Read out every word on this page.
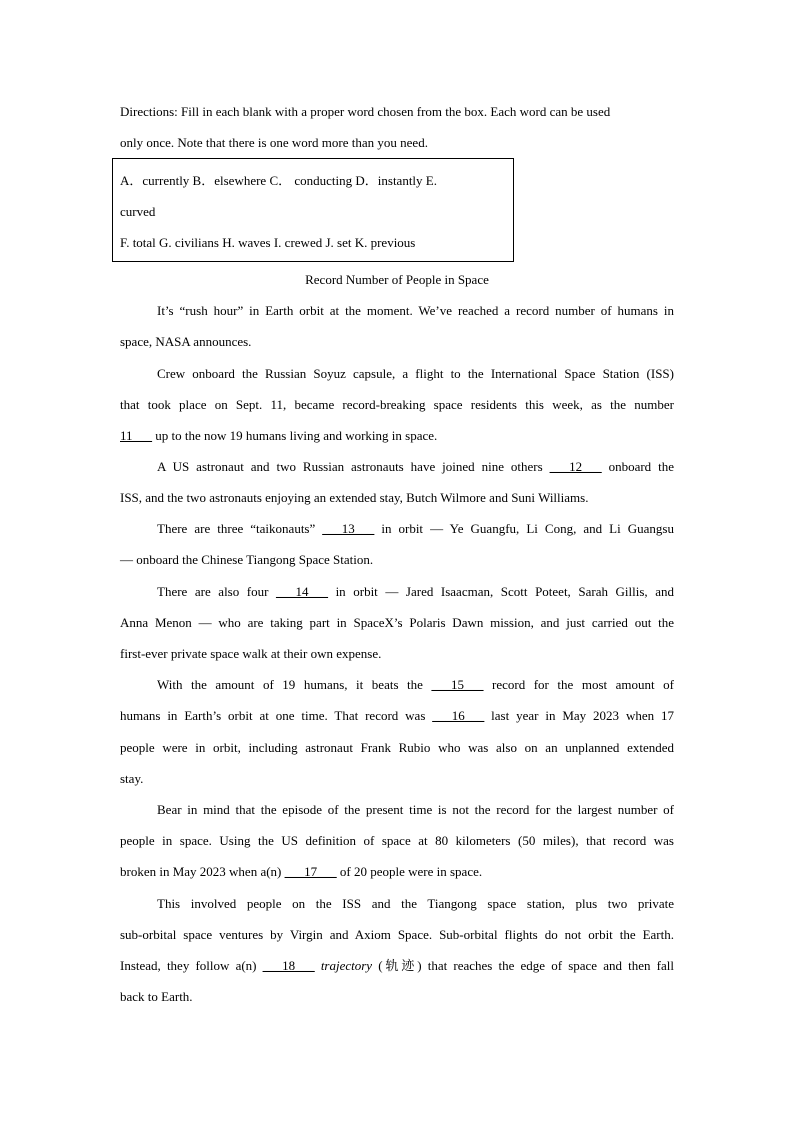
Directions: Fill in each blank with a proper word chosen from the box. Each word can be used
only once. Note that there is one word more than you need.
A．currently B．elsewhere C． conducting D．instantly E.
curved
F. total G. civilians H. waves I. crewed J. set K. previous
Record Number of People in Space
It’s “rush hour” in Earth orbit at the moment. We’ve reached a record number of humans in
space, NASA announces.
Crew onboard the Russian Soyuz capsule, a flight to the International Space Station (ISS)
that took place on Sept. 11, became record-breaking space residents this week, as the number
11___ up to the now 19 humans living and working in space.
A US astronaut and two Russian astronauts have joined nine others ___12___ onboard the
ISS, and the two astronauts enjoying an extended stay, Butch Wilmore and Suni Williams.
There are three “taikonauts” ___13___ in orbit — Ye Guangfu, Li Cong, and Li Guangsu
— onboard the Chinese Tiangong Space Station.
There are also four ___14___ in orbit — Jared Isaacman, Scott Poteet, Sarah Gillis, and
Anna Menon — who are taking part in SpaceX’s Polaris Dawn mission, and just carried out the
first-ever private space walk at their own expense.
With the amount of 19 humans, it beats the ___15___ record for the most amount of
humans in Earth’s orbit at one time. That record was ___16___ last year in May 2023 when 17
people were in orbit, including astronaut Frank Rubio who was also on an unplanned extended
stay.
Bear in mind that the episode of the present time is not the record for the largest number of
people in space. Using the US definition of space at 80 kilometers (50 miles), that record was
broken in May 2023 when a(n) ___17___ of 20 people were in space.
This involved people on the ISS and the Tiangong space station, plus two private
sub-orbital space ventures by Virgin and Axiom Space. Sub-orbital flights do not orbit the Earth.
Instead, they follow a(n) ___18___ trajectory (轨迹) that reaches the edge of space and then fall
back to Earth.
